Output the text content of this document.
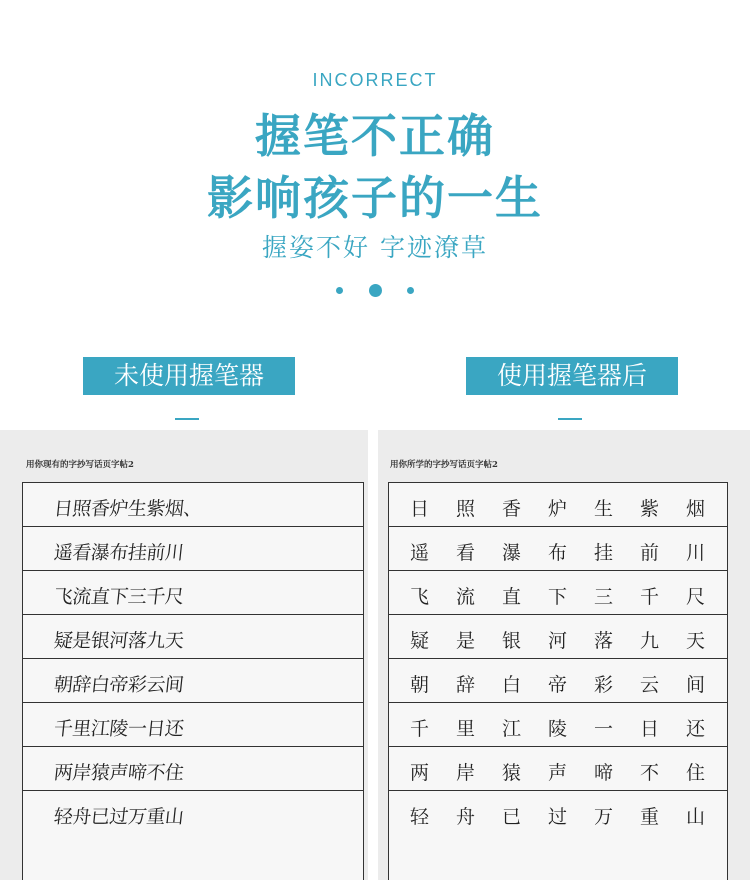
INCORRECT
握笔不正确
影响孩子的一生
握姿不好 字迹潦草

未使用握笔器	使用握笔器后
用你现有的字抄写话页字帖2
日照香炉生紫烟、
遥看瀑布挂前川
飞流直下三千尺
疑是银河落九天
朝辞白帝彩云间
千里江陵一日还
两岸猿声啼不住
轻舟已过万重山
用你所学的字抄写话页字帖2
日 照 香 炉 生 紫 烟
遥 看 瀑 布 挂 前 川
飞 流 直 下 三 千 尺
疑 是 银 河 落 九 天
朝 辞 白 帝 彩 云 间
千 里 江 陵 一 日 还
两 岸 猿 声 啼 不 住
轻 舟 已 过 万 重 山
